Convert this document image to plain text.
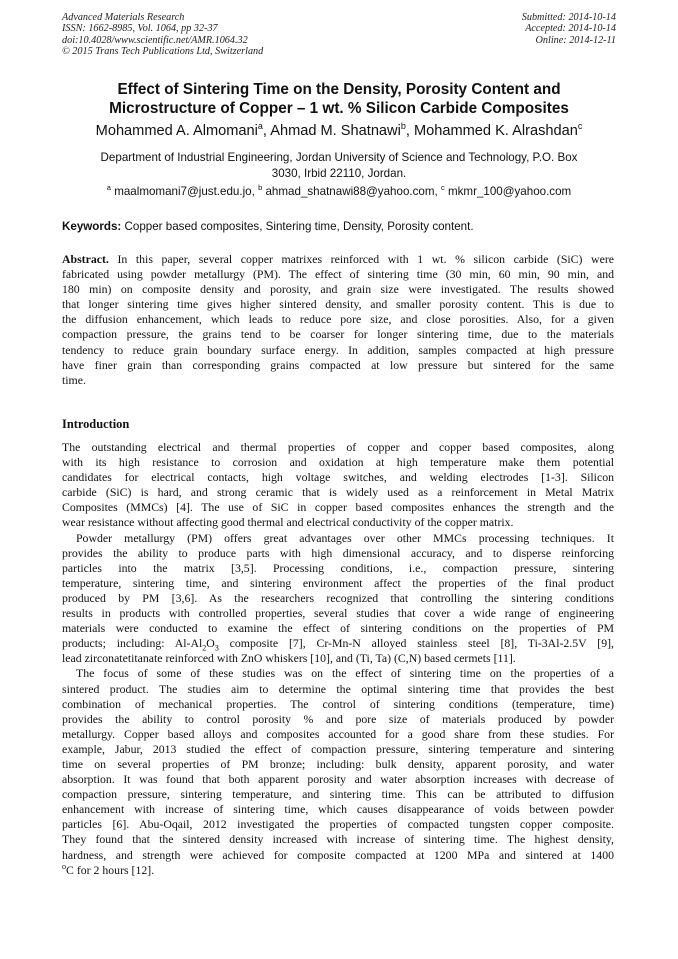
Advanced Materials Research
ISSN: 1662-8985, Vol. 1064, pp 32-37
doi:10.4028/www.scientific.net/AMR.1064.32
© 2015 Trans Tech Publications Ltd, Switzerland
Submitted: 2014-10-14
Accepted: 2014-10-14
Online: 2014-12-11
Effect of Sintering Time on the Density, Porosity Content and
Microstructure of Copper – 1 wt. % Silicon Carbide Composites
Mohammed A. Almomani$^a$, Ahmad M. Shatnawi$^b$, Mohammed K. Alrashdan$^c$
Department of Industrial Engineering, Jordan University of Science and Technology, P.O. Box
3030, Irbid 22110, Jordan.
$^a$ maalmomani7@just.edu.jo, $^b$ ahmad_shatnawi88@yahoo.com, $^c$ mkmr_100@yahoo.com
Keywords: Copper based composites, Sintering time, Density, Porosity content.
Abstract. In this paper, several copper matrixes reinforced with 1 wt. % silicon carbide (SiC) were
fabricated using powder metallurgy (PM). The effect of sintering time (30 min, 60 min, 90 min, and
180 min) on composite density and porosity, and grain size were investigated. The results showed
that longer sintering time gives higher sintered density, and smaller porosity content. This is due to
the diffusion enhancement, which leads to reduce pore size, and close porosities. Also, for a given
compaction pressure, the grains tend to be coarser for longer sintering time, due to the materials
tendency to reduce grain boundary surface energy. In addition, samples compacted at high pressure
have finer grain than corresponding grains compacted at low pressure but sintered for the same
time.
Introduction
The outstanding electrical and thermal properties of copper and copper based composites, along
with its high resistance to corrosion and oxidation at high temperature make them potential
candidates for electrical contacts, high voltage switches, and welding electrodes [1-3]. Silicon
carbide (SiC) is hard, and strong ceramic that is widely used as a reinforcement in Metal Matrix
Composites (MMCs) [4]. The use of SiC in copper based composites enhances the strength and the
wear resistance without affecting good thermal and electrical conductivity of the copper matrix.
Powder metallurgy (PM) offers great advantages over other MMCs processing techniques. It
provides the ability to produce parts with high dimensional accuracy, and to disperse reinforcing
particles into the matrix [3,5]. Processing conditions, i.e., compaction pressure, sintering
temperature, sintering time, and sintering environment affect the properties of the final product
produced by PM [3,6]. As the researchers recognized that controlling the sintering conditions
results in products with controlled properties, several studies that cover a wide range of engineering
materials were conducted to examine the effect of sintering conditions on the properties of PM
products; including: $Al-Al_2O_3$ composite [7], Cr-Mn-N alloyed stainless steel [8], Ti-3Al-2.5V [9],
lead zirconatetitanate reinforced with ZnO whiskers [10], and (Ti, Ta) (C,N) based cermets [11].
The focus of some of these studies was on the effect of sintering time on the properties of a
sintered product. The studies aim to determine the optimal sintering time that provides the best
combination of mechanical properties. The control of sintering conditions (temperature, time)
provides the ability to control porosity % and pore size of materials produced by powder
metallurgy. Copper based alloys and composites accounted for a good share from these studies. For
example, Jabur, 2013 studied the effect of compaction pressure, sintering temperature and sintering
time on several properties of PM bronze; including: bulk density, apparent porosity, and water
absorption. It was found that both apparent porosity and water absorption increases with decrease of
compaction pressure, sintering temperature, and sintering time. This can be attributed to diffusion
enhancement with increase of sintering time, which causes disappearance of voids between powder
particles [6]. Abu-Oqail, 2012 investigated the properties of compacted tungsten copper composite.
They found that the sintered density increased with increase of sintering time. The highest density,
hardness, and strength were achieved for composite compacted at 1200 MPa and sintered at 1400
$^o$C for 2 hours [12].
